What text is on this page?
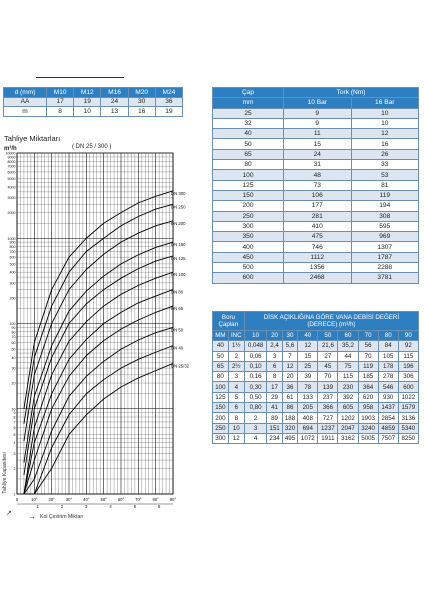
d (mm)	M10	M12	M16	M20	M24
AA	17	19	24	30	36
m	8	10	13	16	19
Tahliye Miktarları
m³/h	( DN 25 / 300 )
10000
9000
8000
7000
6000
5000
4000
3000
2000
1000
900
800
700
600
500
400
300
200
100
90
80
70
60
50
40
30
20
10
9
8
7
6
5
4
3
2
1
0	10°	20°	30°	40°	50°	60°	70°	80°	90°
1	2	3	4	5	6
DN 300
DN 250
DN 200
DN 150
DN 125
DN 100
DN 80
DN 65
DN 50
DN 40
DN 25/32
Tahliye Kapasitesi
Kol Çevirim Miktarı
↗ →
Çap	Tork (Nm)	
mm	10 Bar	16 Bar
25	9	10
32	9	10
40	11	12
50	15	16
65	24	26
80	31	33
100	48	53
125	73	81
150	106	119
200	177	194
250	281	308
300	410	595
350	475	969
400	746	1307
450	1112	1787
500	1356	2288
600	2468	3781
Boru Çapları		DİSK AÇIKLIĞINA GÖRE VANA DEBİSİ DEĞERİ (DERECE) (m³/h)								
MM	INC	10	20	30	40	50	60	70	80	90
40	1½	0,048	2,4	5,6	12	21,6	35,2	56	84	92
50	2	0,06	3	7	15	27	44	70	105	115
65	2½	0,10	6	12	25	45	75	119	178	196
80	3	0,16	8	20	39	70	115	185	278	306
100	4	0,30	17	36	78	139	230	364	546	600
125	5	0,50	29	61	133	237	392	620	930	1022
150	6	0,80	41	86	205	366	605	958	1437	1579
200	8	2	89	188	408	727	1202	1903	2854	3136
250	10	3	151	320	694	1237	2047	3240	4859	5340
300	12	4	234	495	1072	1911	3162	5005	7507	8250
